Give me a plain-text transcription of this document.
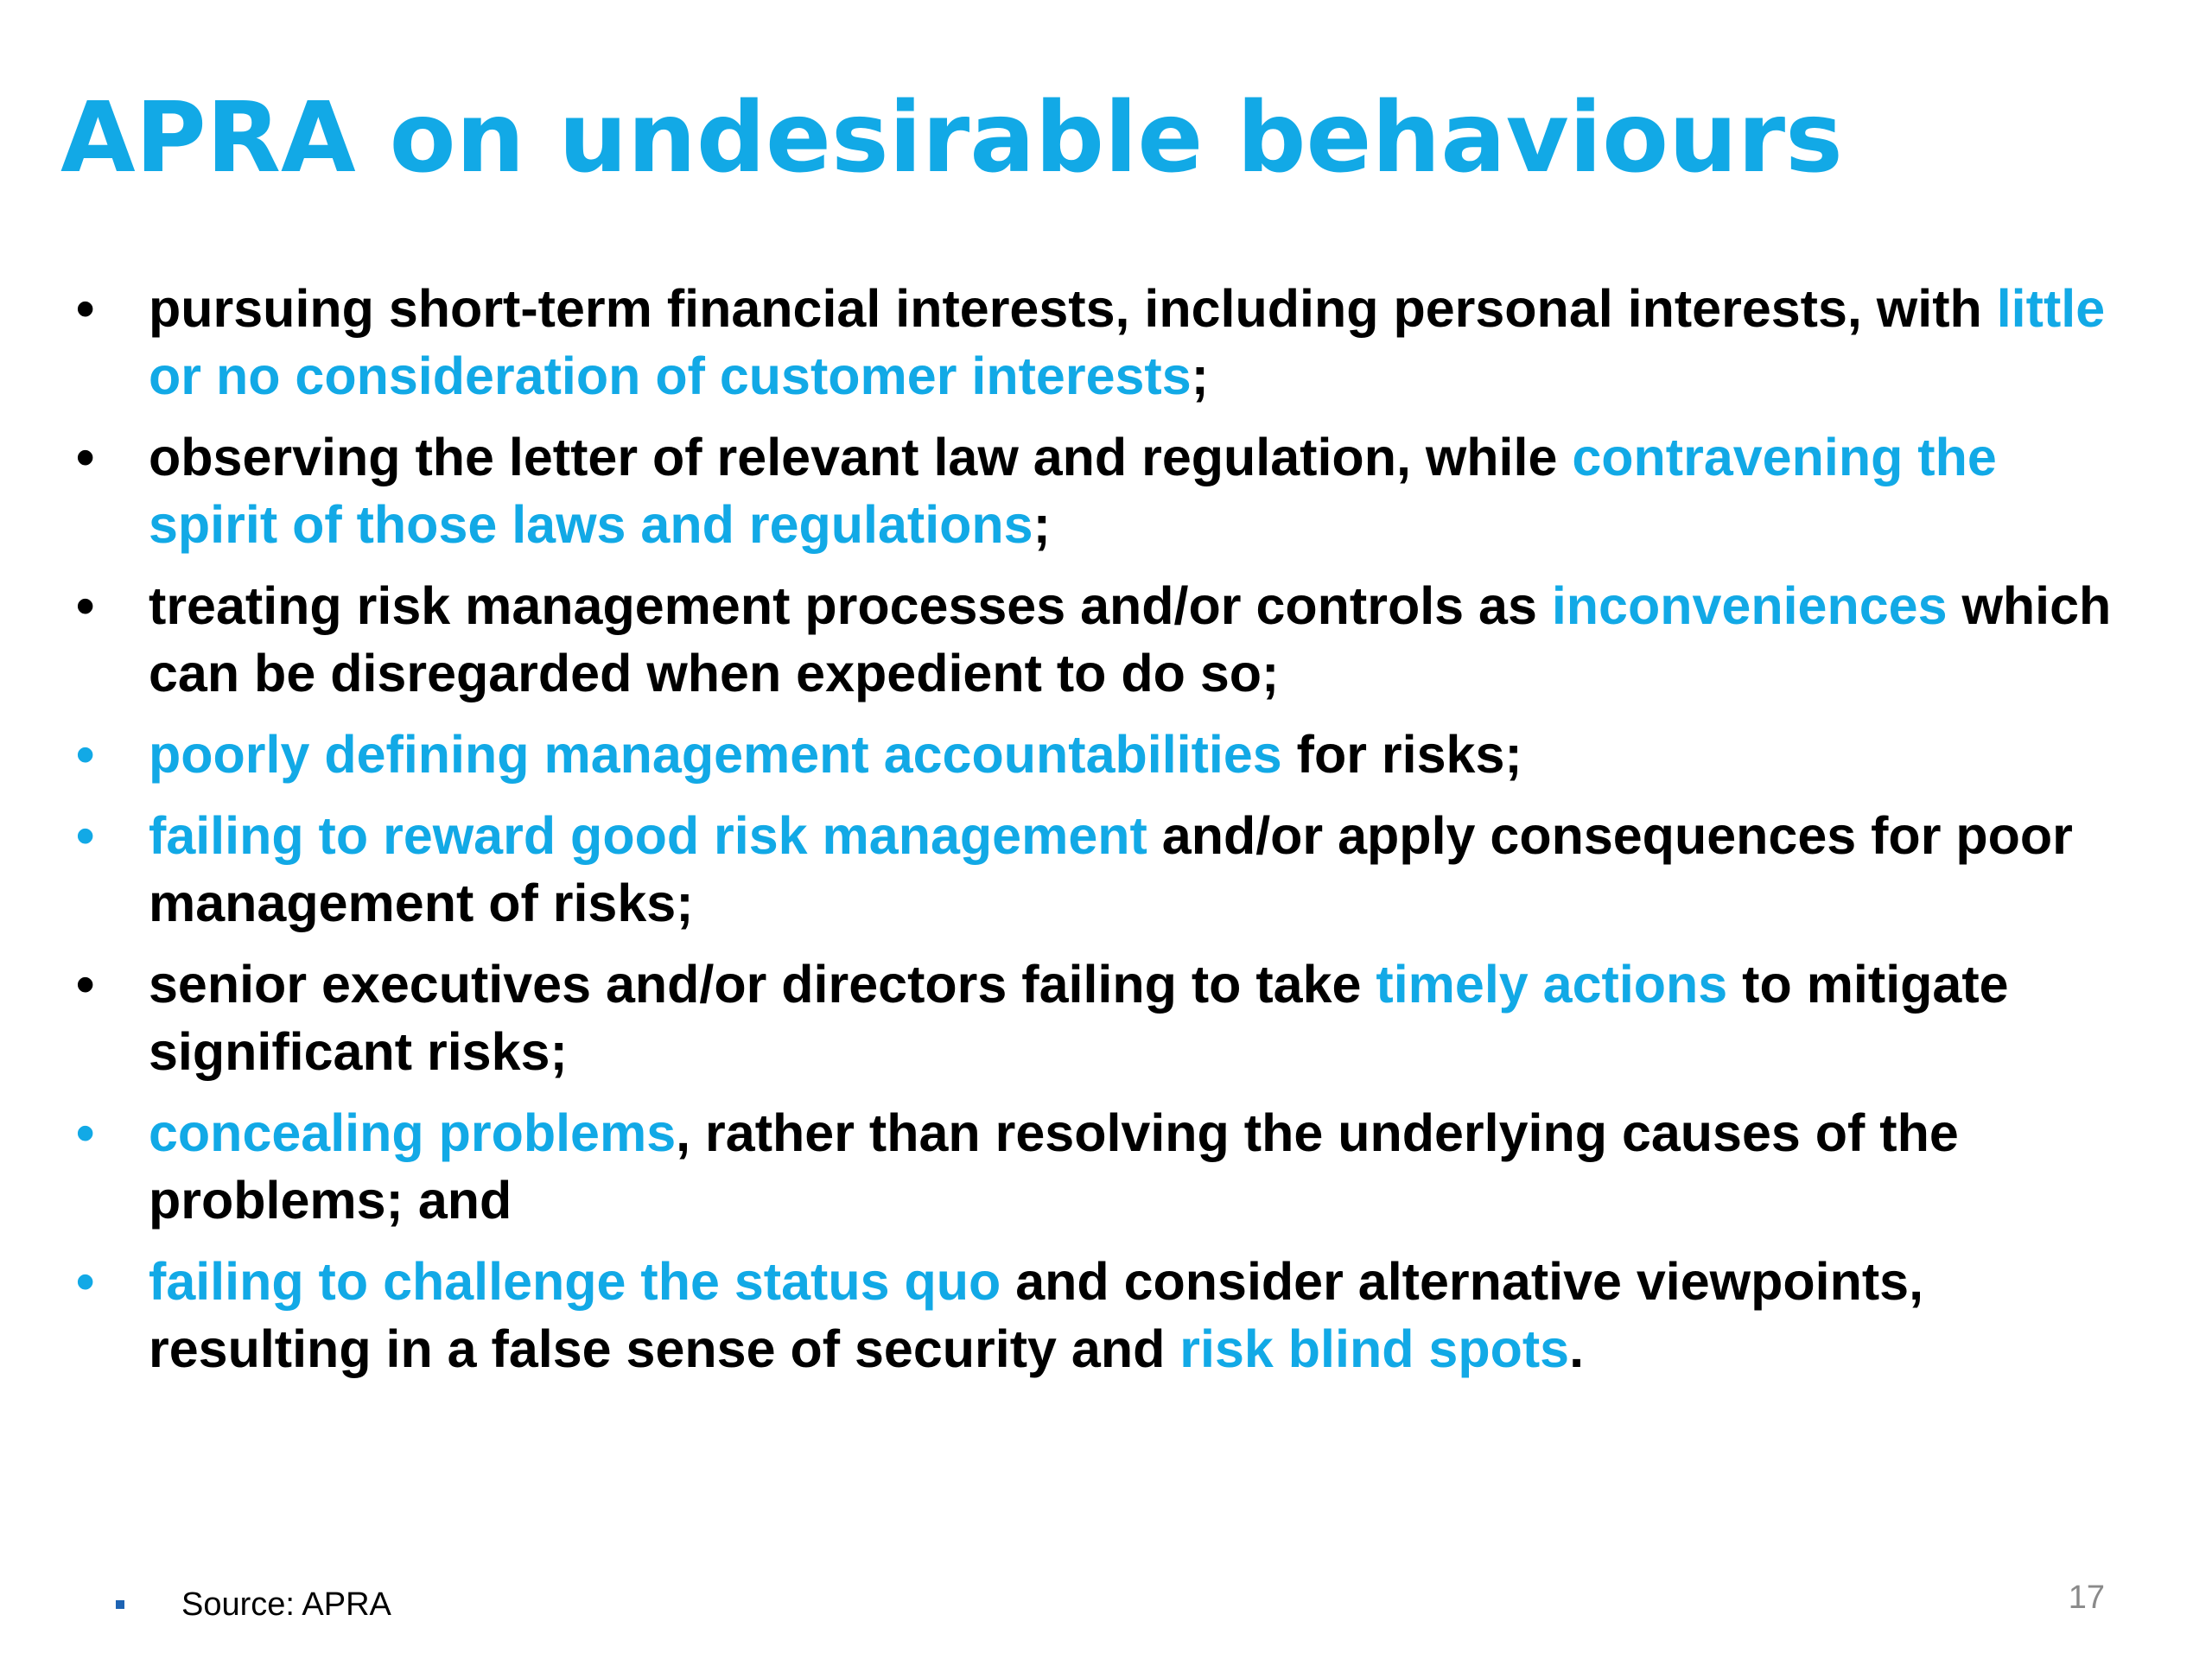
APRA on undesirable behaviours
• pursuing short-term financial interests, including personal interests, with little or no consideration of customer interests;
• observing the letter of relevant law and regulation, while contravening the spirit of those laws and regulations;
• treating risk management processes and/or controls as inconveniences which can be disregarded when expedient to do so;
• poorly defining management accountabilities for risks;
• failing to reward good risk management and/or apply consequences for poor management of risks;
• senior executives and/or directors failing to take timely actions to mitigate significant risks;
• concealing problems, rather than resolving the underlying causes of the problems; and
• failing to challenge the status quo and consider alternative viewpoints, resulting in a false sense of security and risk blind spots.
Source: APRA	17
